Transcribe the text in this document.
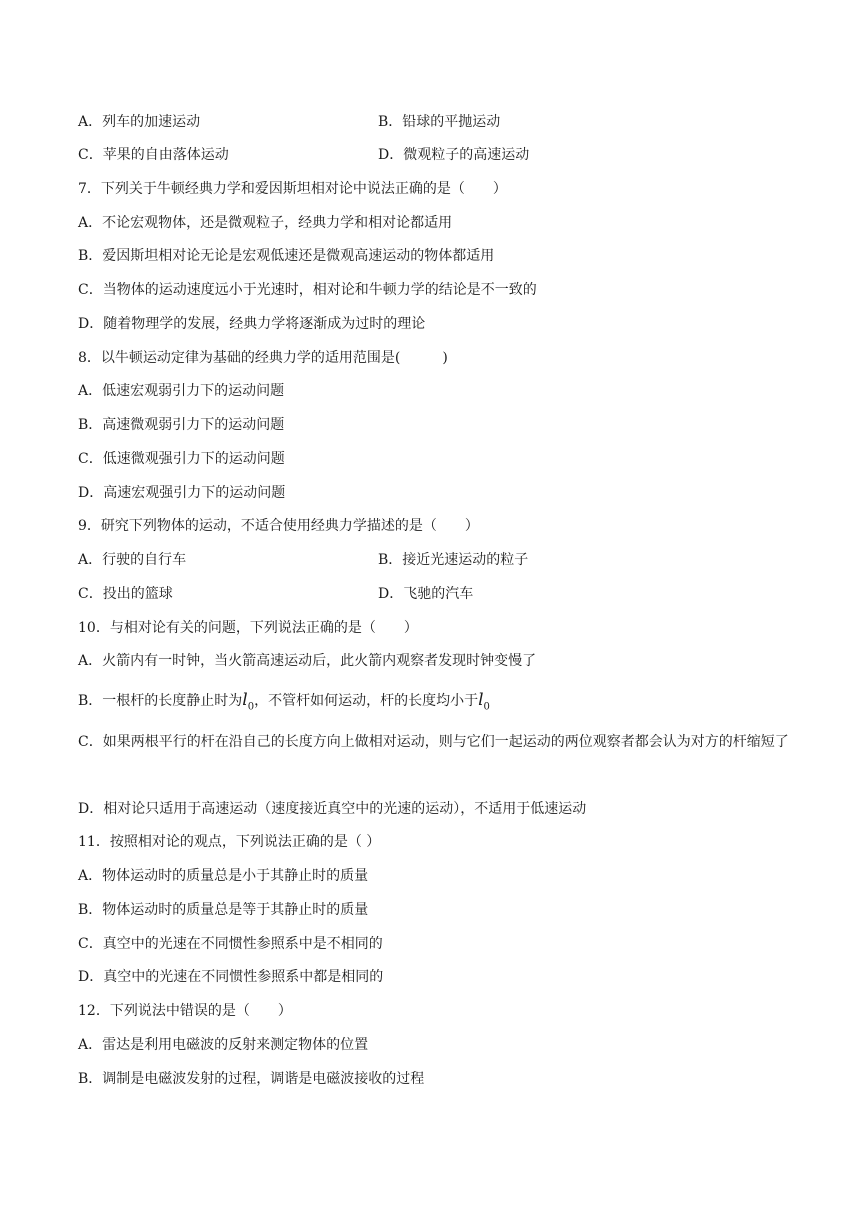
A．列车的加速运动	B．铅球的平抛运动
C．苹果的自由落体运动	D．微观粒子的高速运动
7．下列关于牛顿经典力学和爱因斯坦相对论中说法正确的是（　　）
A．不论宏观物体，还是微观粒子，经典力学和相对论都适用
B．爱因斯坦相对论无论是宏观低速还是微观高速运动的物体都适用
C．当物体的运动速度远小于光速时，相对论和牛顿力学的结论是不一致的
D．随着物理学的发展，经典力学将逐渐成为过时的理论
8．以牛顿运动定律为基础的经典力学的适用范围是(　　　)
A．低速宏观弱引力下的运动问题
B．高速微观弱引力下的运动问题
C．低速微观强引力下的运动问题
D．高速宏观强引力下的运动问题
9．研究下列物体的运动，不适合使用经典力学描述的是（　　）
A．行驶的自行车	B．接近光速运动的粒子
C．投出的篮球	D．飞驰的汽车
10．与相对论有关的问题，下列说法正确的是（　　）
A．火箭内有一时钟，当火箭高速运动后，此火箭内观察者发现时钟变慢了
B．一根杆的长度静止时为$l_0$，不管杆如何运动，杆的长度均小于$l_0$
C．如果两根平行的杆在沿自己的长度方向上做相对运动，则与它们一起运动的两位观察者都会认为对方的杆缩短了
D．相对论只适用于高速运动（速度接近真空中的光速的运动），不适用于低速运动
11．按照相对论的观点，下列说法正确的是（ ）
A．物体运动时的质量总是小于其静止时的质量
B．物体运动时的质量总是等于其静止时的质量
C．真空中的光速在不同惯性参照系中是不相同的
D．真空中的光速在不同惯性参照系中都是相同的
12．下列说法中错误的是（　　）
A．雷达是利用电磁波的反射来测定物体的位置
B．调制是电磁波发射的过程，调谐是电磁波接收的过程
